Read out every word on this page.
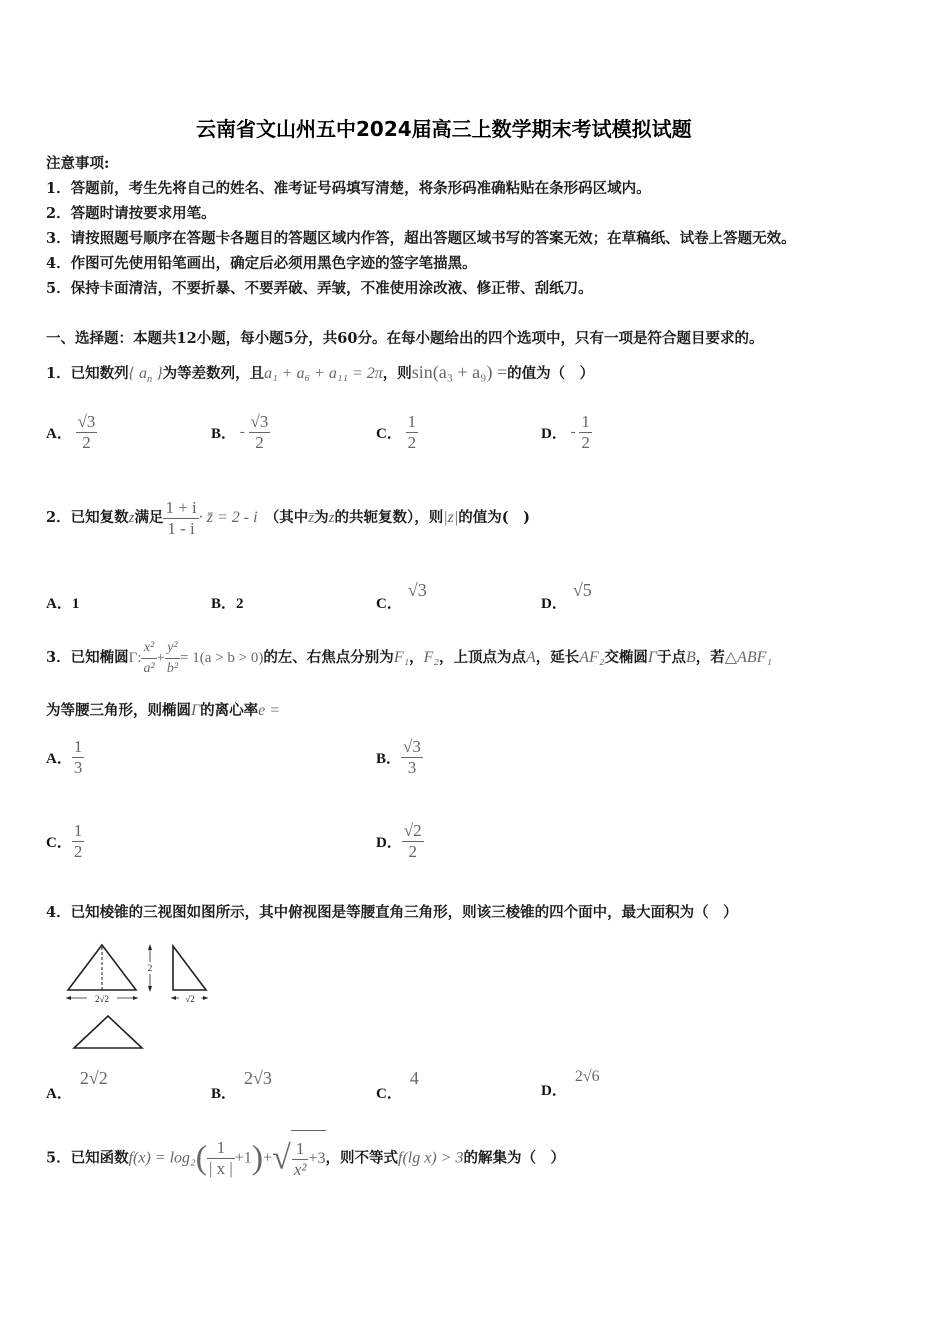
云南省文山州五中2024届高三上数学期末考试模拟试题
注意事项:
1．答题前，考生先将自己的姓名、准考证号码填写清楚，将条形码准确粘贴在条形码区域内。
2．答题时请按要求用笔。
3．请按照题号顺序在答题卡各题目的答题区域内作答，超出答题区域书写的答案无效；在草稿纸、试卷上答题无效。
4．作图可先使用铅笔画出，确定后必须用黑色字迹的签字笔描黑。
5．保持卡面清洁，不要折暴、不要弄破、弄皱，不准使用涂改液、修正带、刮纸刀。
一、选择题：本题共12小题，每小题5分，共60分。在每小题给出的四个选项中，只有一项是符合题目要求的。
1．已知数列{ $a_n$ }为等差数列，且a₁ + a₆ + a₁₁ = 2π，则sin(a₃ + a₉) =的值为（　）
A． $\frac{√3}{2}$	B． - $\frac{√3}{2}$	C． $\frac{1}{2}$	D． - $\frac{1}{2}$
2．已知复数z满足 $\frac{1 + i}{1 - i}$ · z̄ = 2 - i　 （其中z̄为z的共轭复数），则|z|的值为(　)
A．1	B．2	C．√3
D．√5
3．已知椭圆Γ: $\frac{\text{x²}}{\text{a²}} + \frac{\text{y²}}{\text{b²}} = 1(a > b > 0)$的左、右焦点分别为F₁，F₂，上顶点为点A，延长AF₂交椭圆Γ于点B，若△ABF₁
为等腰三角形，则椭圆Γ的离心率e =
A． $\frac{1}{3}$	B． $\frac{√3}{3}$
C． $\frac{1}{2}$	D． $\frac{√2}{2}$
4．已知棱锥的三视图如图所示，其中俯视图是等腰直角三角形，则该三棱锥的四个面中，最大面积为（　）
2√2
2
√2
A．2√2
B．2√3
C．4
D．2√6
5．已知函数$f(x) = \log_2( \frac{1}{| x |} +1)+√ \frac{1}{\text{x²}} +3$，则不等式f(lg x) > 3的解集为（　）
